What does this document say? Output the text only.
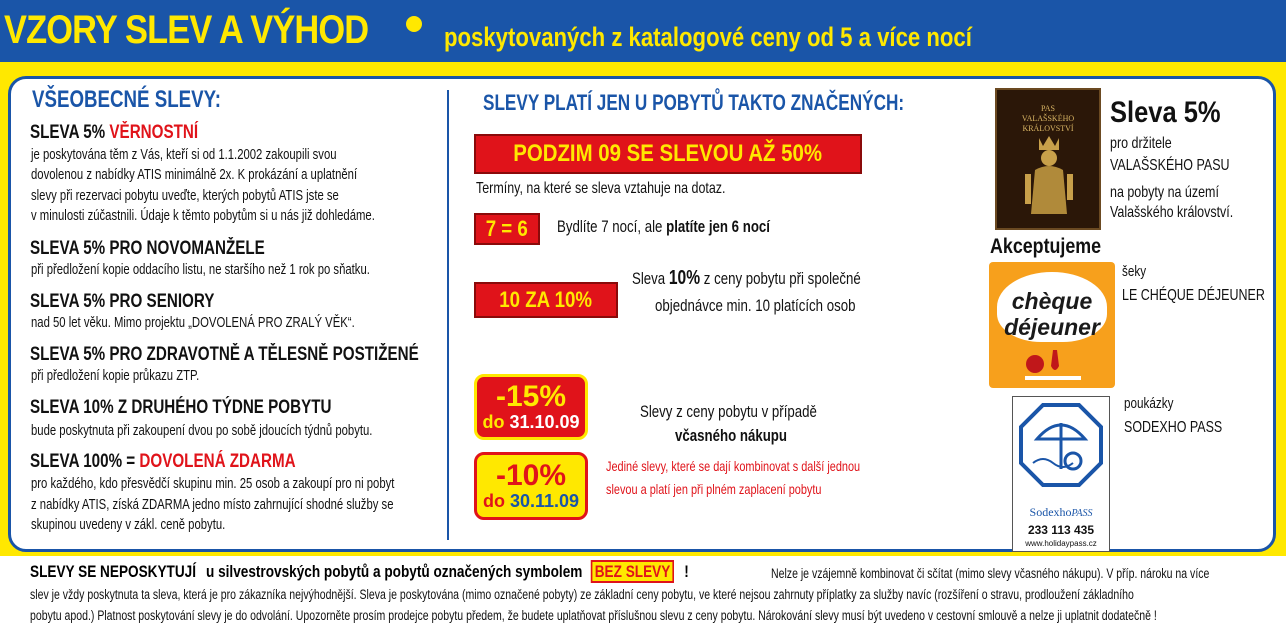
VZORY SLEV A VÝHOD	poskytovaných z katalogové ceny od 5 a více nocí
VŠEOBECNÉ SLEVY:
SLEVA 5% VĚRNOSTNÍ
je poskytována těm z Vás, kteří si od 1.1.2002 zakoupili svou
dovolenou z nabídky ATIS minimálně 2x. K prokázání a uplatnění
slevy při rezervaci pobytu uveďte, kterých pobytů ATIS jste se
v minulosti zúčastnili. Údaje k těmto pobytům si u nás již dohledáme.
SLEVA 5% PRO NOVOMANŽELE
při předložení kopie oddacího listu, ne staršího než 1 rok po sňatku.
SLEVA 5% PRO SENIORY
nad 50 let věku. Mimo projektu „DOVOLENÁ PRO ZRALÝ VĚK“.
SLEVA 5% PRO ZDRAVOTNĚ A TĚLESNĚ POSTIŽENÉ
při předložení kopie průkazu ZTP.
SLEVA 10% Z DRUHÉHO TÝDNE POBYTU
bude poskytnuta při zakoupení dvou po sobě jdoucích týdnů pobytu.
SLEVA 100% = DOVOLENÁ ZDARMA
pro každého, kdo přesvědčí skupinu min. 25 osob a zakoupí pro ni pobyt
z nabídky ATIS, získá ZDARMA jedno místo zahrnující shodné služby se
skupinou uvedeny v zákl. ceně pobytu.
SLEVY PLATÍ JEN U POBYTŮ TAKTO ZNAČENÝCH:
PODZIM 09 SE SLEVOU AŽ 50%
Termíny, na které se sleva vztahuje na dotaz.
7 = 6 Bydlíte 7 nocí, ale platíte jen 6 nocí
10 ZA 10%
Sleva 10% z ceny pobytu při společné
objednávce min. 10 platících osob
-15%
do 31.10.09
-10%
do 30.11.09
Slevy z ceny pobytu v případě
včasného nákupu
Jediné slevy, které se dají kombinovat s další jednou
slevou a platí jen při plném zaplacení pobytu
PAS
VALAŠSKÉHO KRÁLOVSTVÍ	Sleva 5%
pro držitele
VALAŠSKÉHO PASU
na pobyty na území
Valašského království.
Akceptujeme
chèque
déjeuner
šeky
LE CHÉQUE DÉJEUNER
SodexhoPASS
233 113 435
www.holidaypass.cz
poukázky
SODEXHO PASS
SLEVY SE NEPOSKYTUJÍ u silvestrovských pobytů a pobytů označených symbolem BEZ SLEVY !	Nelze je vzájemně kombinovat či sčítat (mimo slevy včasného nákupu). V příp. nároku na více
slev je vždy poskytnuta ta sleva, která je pro zákazníka nejvýhodnější. Sleva je poskytována (mimo označené pobyty) ze základní ceny pobytu, ve které nejsou zahrnuty příplatky za služby navíc (rozšíření o stravu, prodloužení základního
pobytu apod.) Platnost poskytování slevy je do odvolání. Upozorněte prosím prodejce pobytu předem, že budete uplatňovat příslušnou slevu z ceny pobytu. Nárokování slevy musí být uvedeno v cestovní smlouvě a nelze ji uplatnit dodatečně !
